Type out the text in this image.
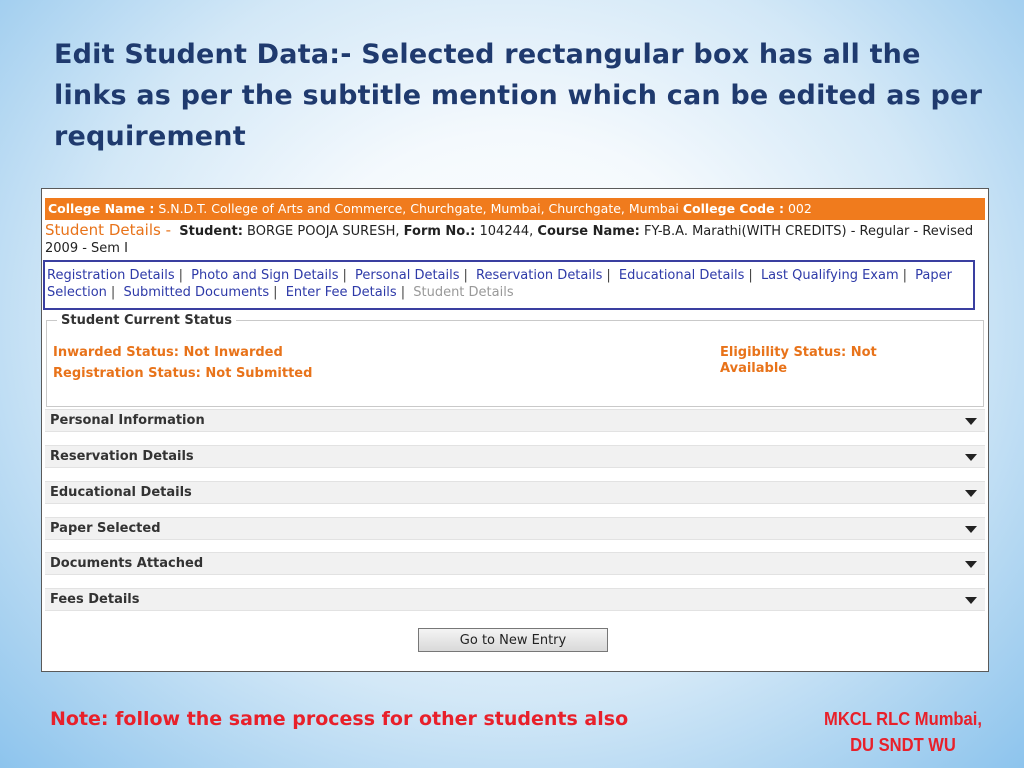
Edit Student Data:- Selected rectangular box has all the links as per the subtitle mention which can be edited as per requirement
College Name : S.N.D.T. College of Arts and Commerce, Churchgate, Mumbai, Churchgate, Mumbai College Code : 002
Student Details - Student: BORGE POOJA SURESH, Form No.: 104244, Course Name: FY-B.A. Marathi(WITH CREDITS) - Regular - Revised 2009 - Sem I
Registration Details | Photo and Sign Details | Personal Details | Reservation Details | Educational Details | Last Qualifying Exam | Paper Selection | Submitted Documents | Enter Fee Details | Student Details
Student Current Status
Inwarded Status: Not Inwarded
Registration Status: Not Submitted
Eligibility Status: Not Available
Personal Information
Reservation Details
Educational Details
Paper Selected
Documents Attached
Fees Details
Go to New Entry
Note: follow the same process for other students also	MKCL RLC Mumbai,
DU SNDT WU
